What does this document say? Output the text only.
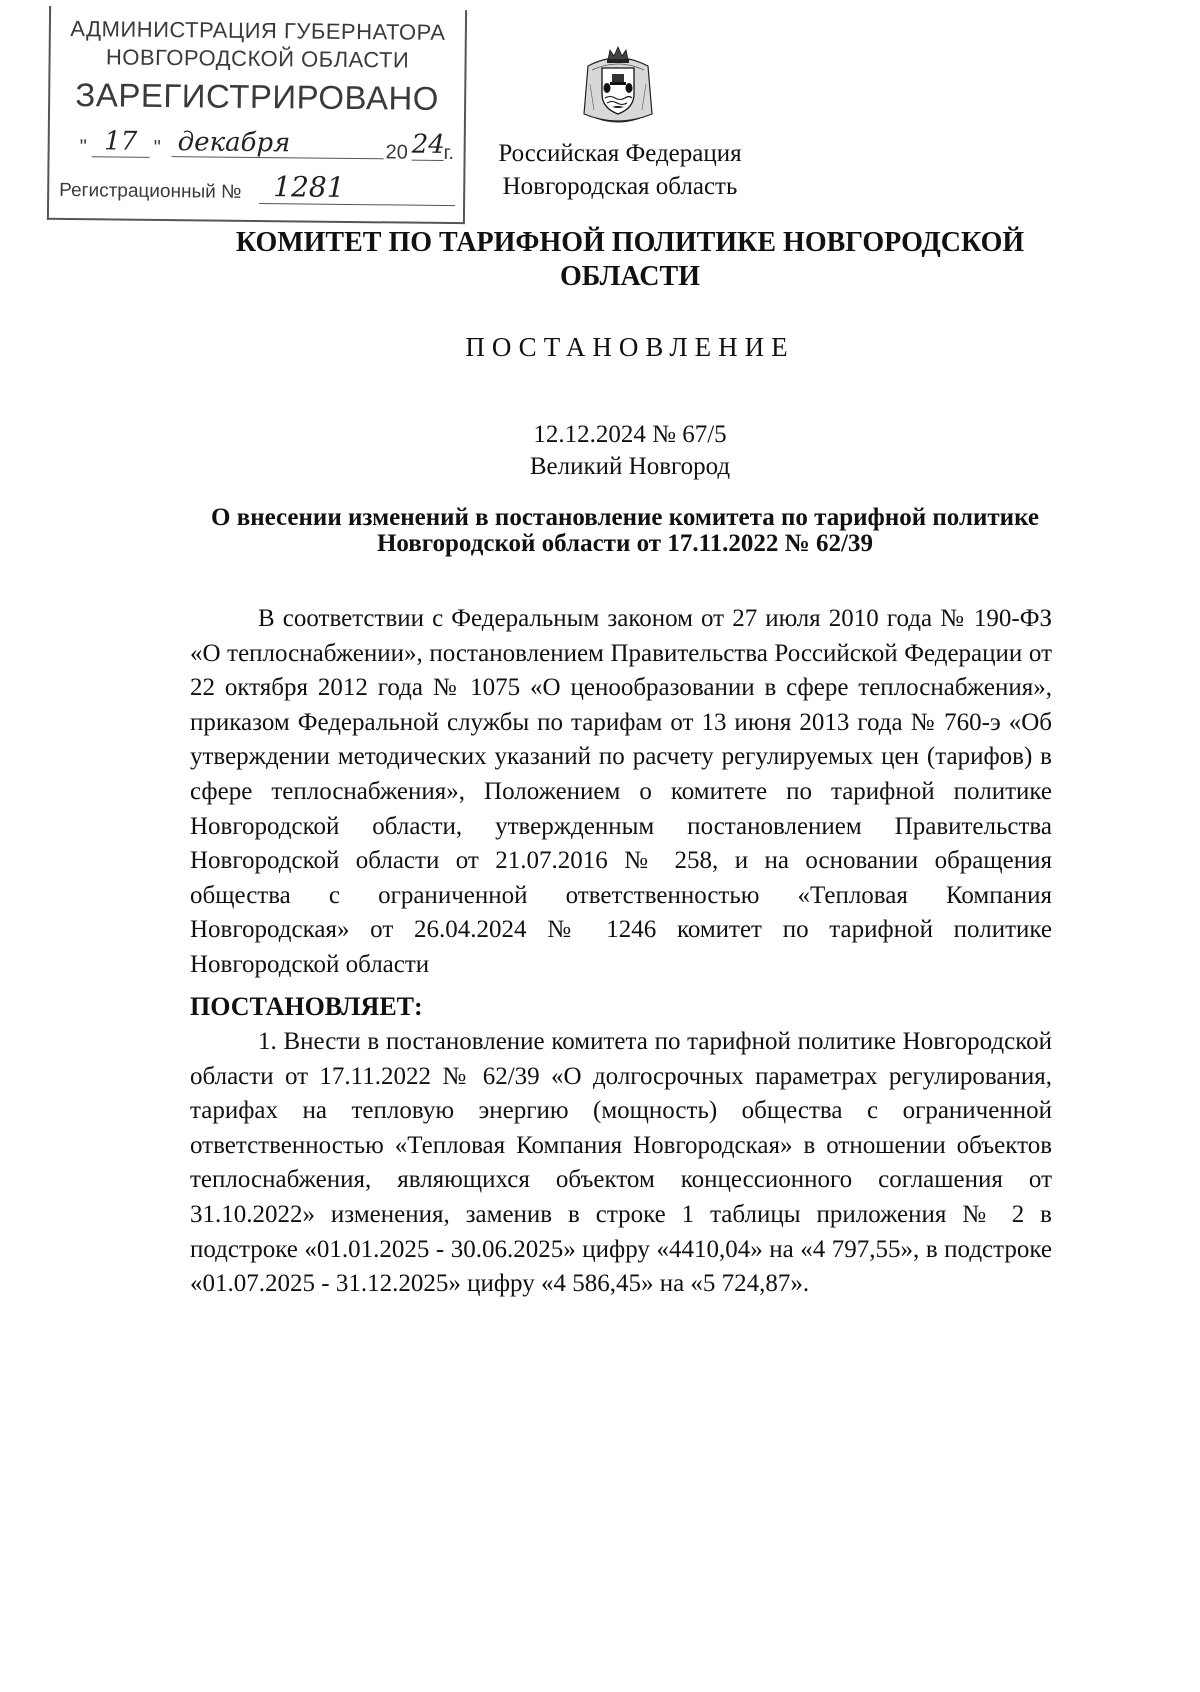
АДМИНИСТРАЦИЯ ГУБЕРНАТОРА
НОВГОРОДСКОЙ ОБЛАСТИ
ЗАРЕГИСТРИРОВАНО
" 17 " декабря	20 24
г.
Регистрационный №	1281
Российская Федерация
Новгородская область
КОМИТЕТ ПО ТАРИФНОЙ ПОЛИТИКЕ НОВГОРОДСКОЙ ОБЛАСТИ
ПОСТАНОВЛЕНИЕ
12.12.2024 № 67/5
Великий Новгород
О внесении изменений в постановление комитета по тарифной политике Новгородской области от 17.11.2022 № 62/39
В соответствии с Федеральным законом от 27 июля 2010 года № 190-ФЗ «О теплоснабжении», постановлением Правительства Российской Федерации от 22 октября 2012 года № 1075 «О ценообразовании в сфере теплоснабжения», приказом Федеральной службы по тарифам от 13 июня 2013 года № 760-э «Об утверждении методических указаний по расчету регулируемых цен (тарифов) в сфере теплоснабжения», Положением о комитете по тарифной политике Новгородской области, утвержденным постановлением Правительства Новгородской области от 21.07.2016 № 258, и на основании обращения общества с ограниченной ответственностью «Тепловая Компания Новгородская» от 26.04.2024 № 1246 комитет по тарифной политике Новгородской области
ПОСТАНОВЛЯЕТ:
1. Внести в постановление комитета по тарифной политике Новгородской области от 17.11.2022 № 62/39 «О долгосрочных параметрах регулирования, тарифах на тепловую энергию (мощность) общества с ограниченной ответственностью «Тепловая Компания Новгородская» в отношении объектов теплоснабжения, являющихся объектом концессионного соглашения от 31.10.2022» изменения, заменив в строке 1 таблицы приложения № 2 в подстроке «01.01.2025 - 30.06.2025» цифру «4410,04» на «4 797,55», в подстроке «01.07.2025 - 31.12.2025» цифру «4 586,45» на «5 724,87».
